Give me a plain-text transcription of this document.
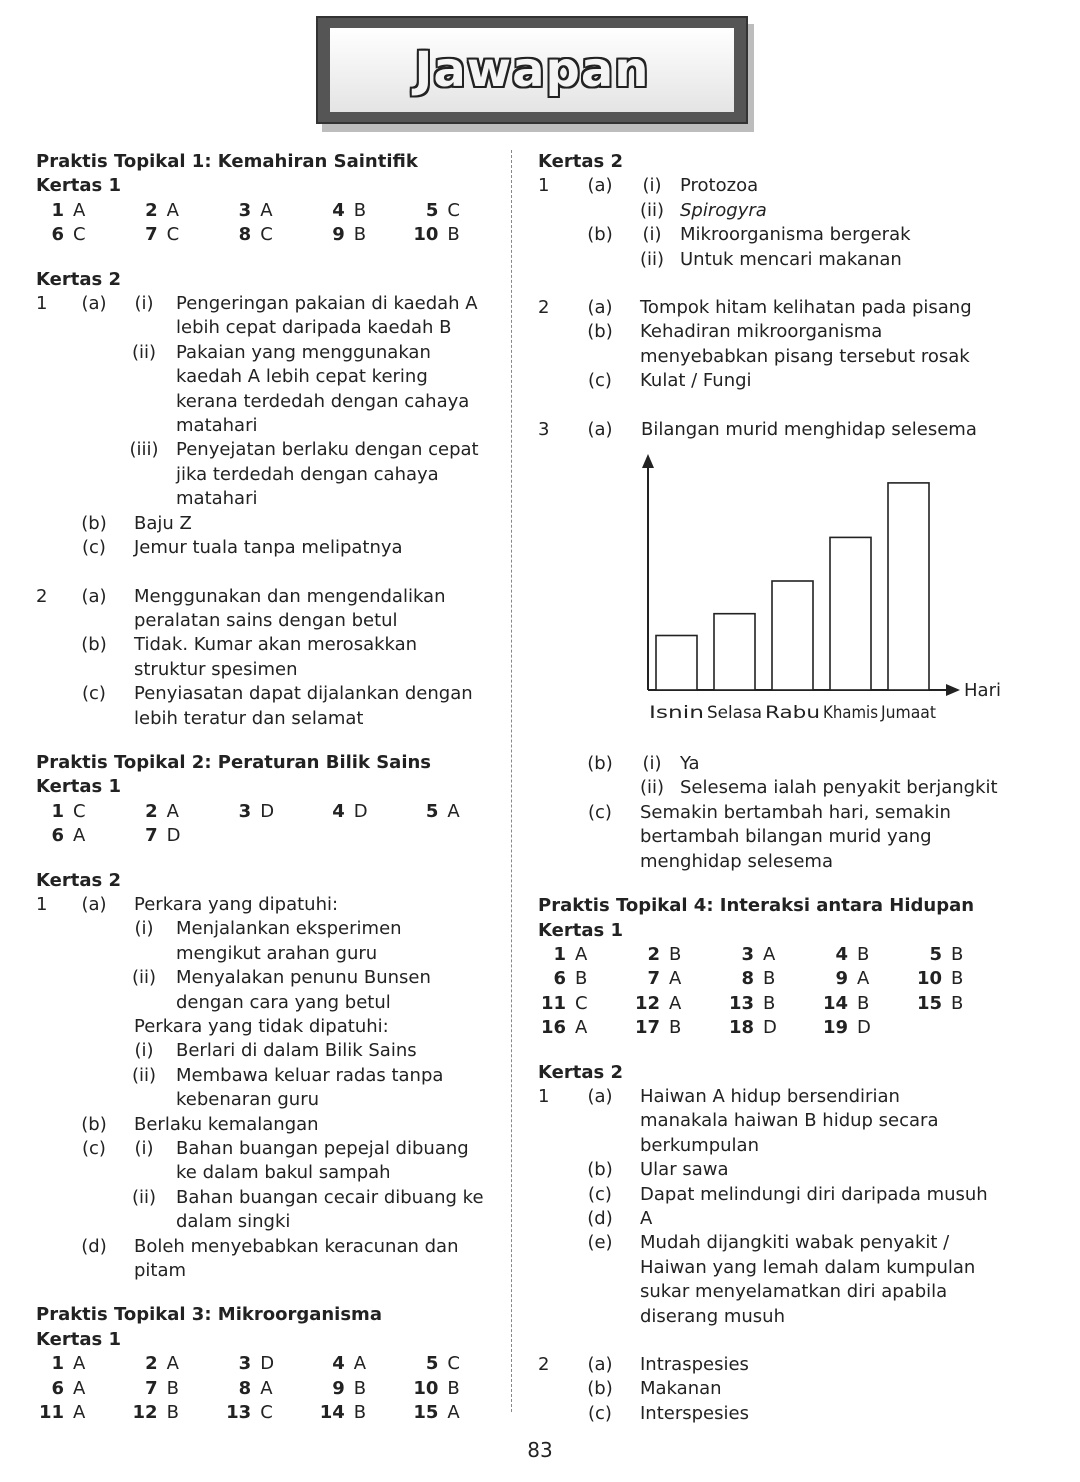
Jawapan
Praktis Topikal 1: Kemahiran Saintifik
Kertas 1
1 A	2 A	3 A	4 B	5 C
6 C	7 C	8 C	9 B	10 B
Kertas 2
1	(a)	(i)	Pengeringan pakaian di kaedah A
lebih cepat daripada kaedah B
(ii)	Pakaian yang menggunakan
kaedah A lebih cepat kering
kerana terdedah dengan cahaya
matahari
(iii) Penyejatan berlaku dengan cepat
jika terdedah dengan cahaya
matahari
(b)	Baju Z
(c)	Jemur tuala tanpa melipatnya
2	(a)	Menggunakan dan mengendalikan
peralatan sains dengan betul
(b)	Tidak. Kumar akan merosakkan
struktur spesimen
(c)	Penyiasatan dapat dijalankan dengan
lebih teratur dan selamat
Praktis Topikal 2: Peraturan Bilik Sains
Kertas 1
1 C	2 A	3 D	4 D	5 A
6 A	7 D
Kertas 2
1	(a)	Perkara yang dipatuhi:
(i)	Menjalankan eksperimen
mengikut arahan guru
(ii)	Menyalakan penunu Bunsen
dengan cara yang betul
Perkara yang tidak dipatuhi:
(i)	Berlari di dalam Bilik Sains
(ii)	Membawa keluar radas tanpa
kebenaran guru
(b)	Berlaku kemalangan
(c)	(i)	Bahan buangan pepejal dibuang
ke dalam bakul sampah
(ii)	Bahan buangan cecair dibuang ke
dalam singki
(d)	Boleh menyebabkan keracunan dan
pitam
Praktis Topikal 3: Mikroorganisma
Kertas 1
1 A	2 A	3 D	4 A	5 C
6 A	7 B	8 A	9 B	10 B
11 A	12 B	13 C	14 B	15 A
Kertas 2
1	(a)	(i)	Protozoa
(ii) Spirogyra
(b)	(i)	Mikroorganisma bergerak
(ii) Untuk mencari makanan
2	(a)	Tompok hitam kelihatan pada pisang
(b)	Kehadiran mikroorganisma
menyebabkan pisang tersebut rosak
(c)	Kulat / Fungi
3	(a)	Bilangan murid menghidap selesema
Hari
Isnin Selasa Rabu Khamis Jumaat
(b)	(i)	Ya
(ii) Selesema ialah penyakit berjangkit
(c)	Semakin bertambah hari, semakin
bertambah bilangan murid yang
menghidap selesema
Praktis Topikal 4: Interaksi antara Hidupan
Kertas 1
1 A	2 B	3 A	4 B	5 B
6 B	7 A	8 B	9 A	10 B
11 C	12 A	13 B	14 B	15 B
16 A	17 B	18 D	19 D
Kertas 2
1	(a)	Haiwan A hidup bersendirian
manakala haiwan B hidup secara
berkumpulan
(b)	Ular sawa
(c)	Dapat melindungi diri daripada musuh
(d)	A
(e)	Mudah dijangkiti wabak penyakit /
Haiwan yang lemah dalam kumpulan
sukar menyelamatkan diri apabila
diserang musuh
2	(a)	Intraspesies
(b)	Makanan
(c)	Interspesies
83
